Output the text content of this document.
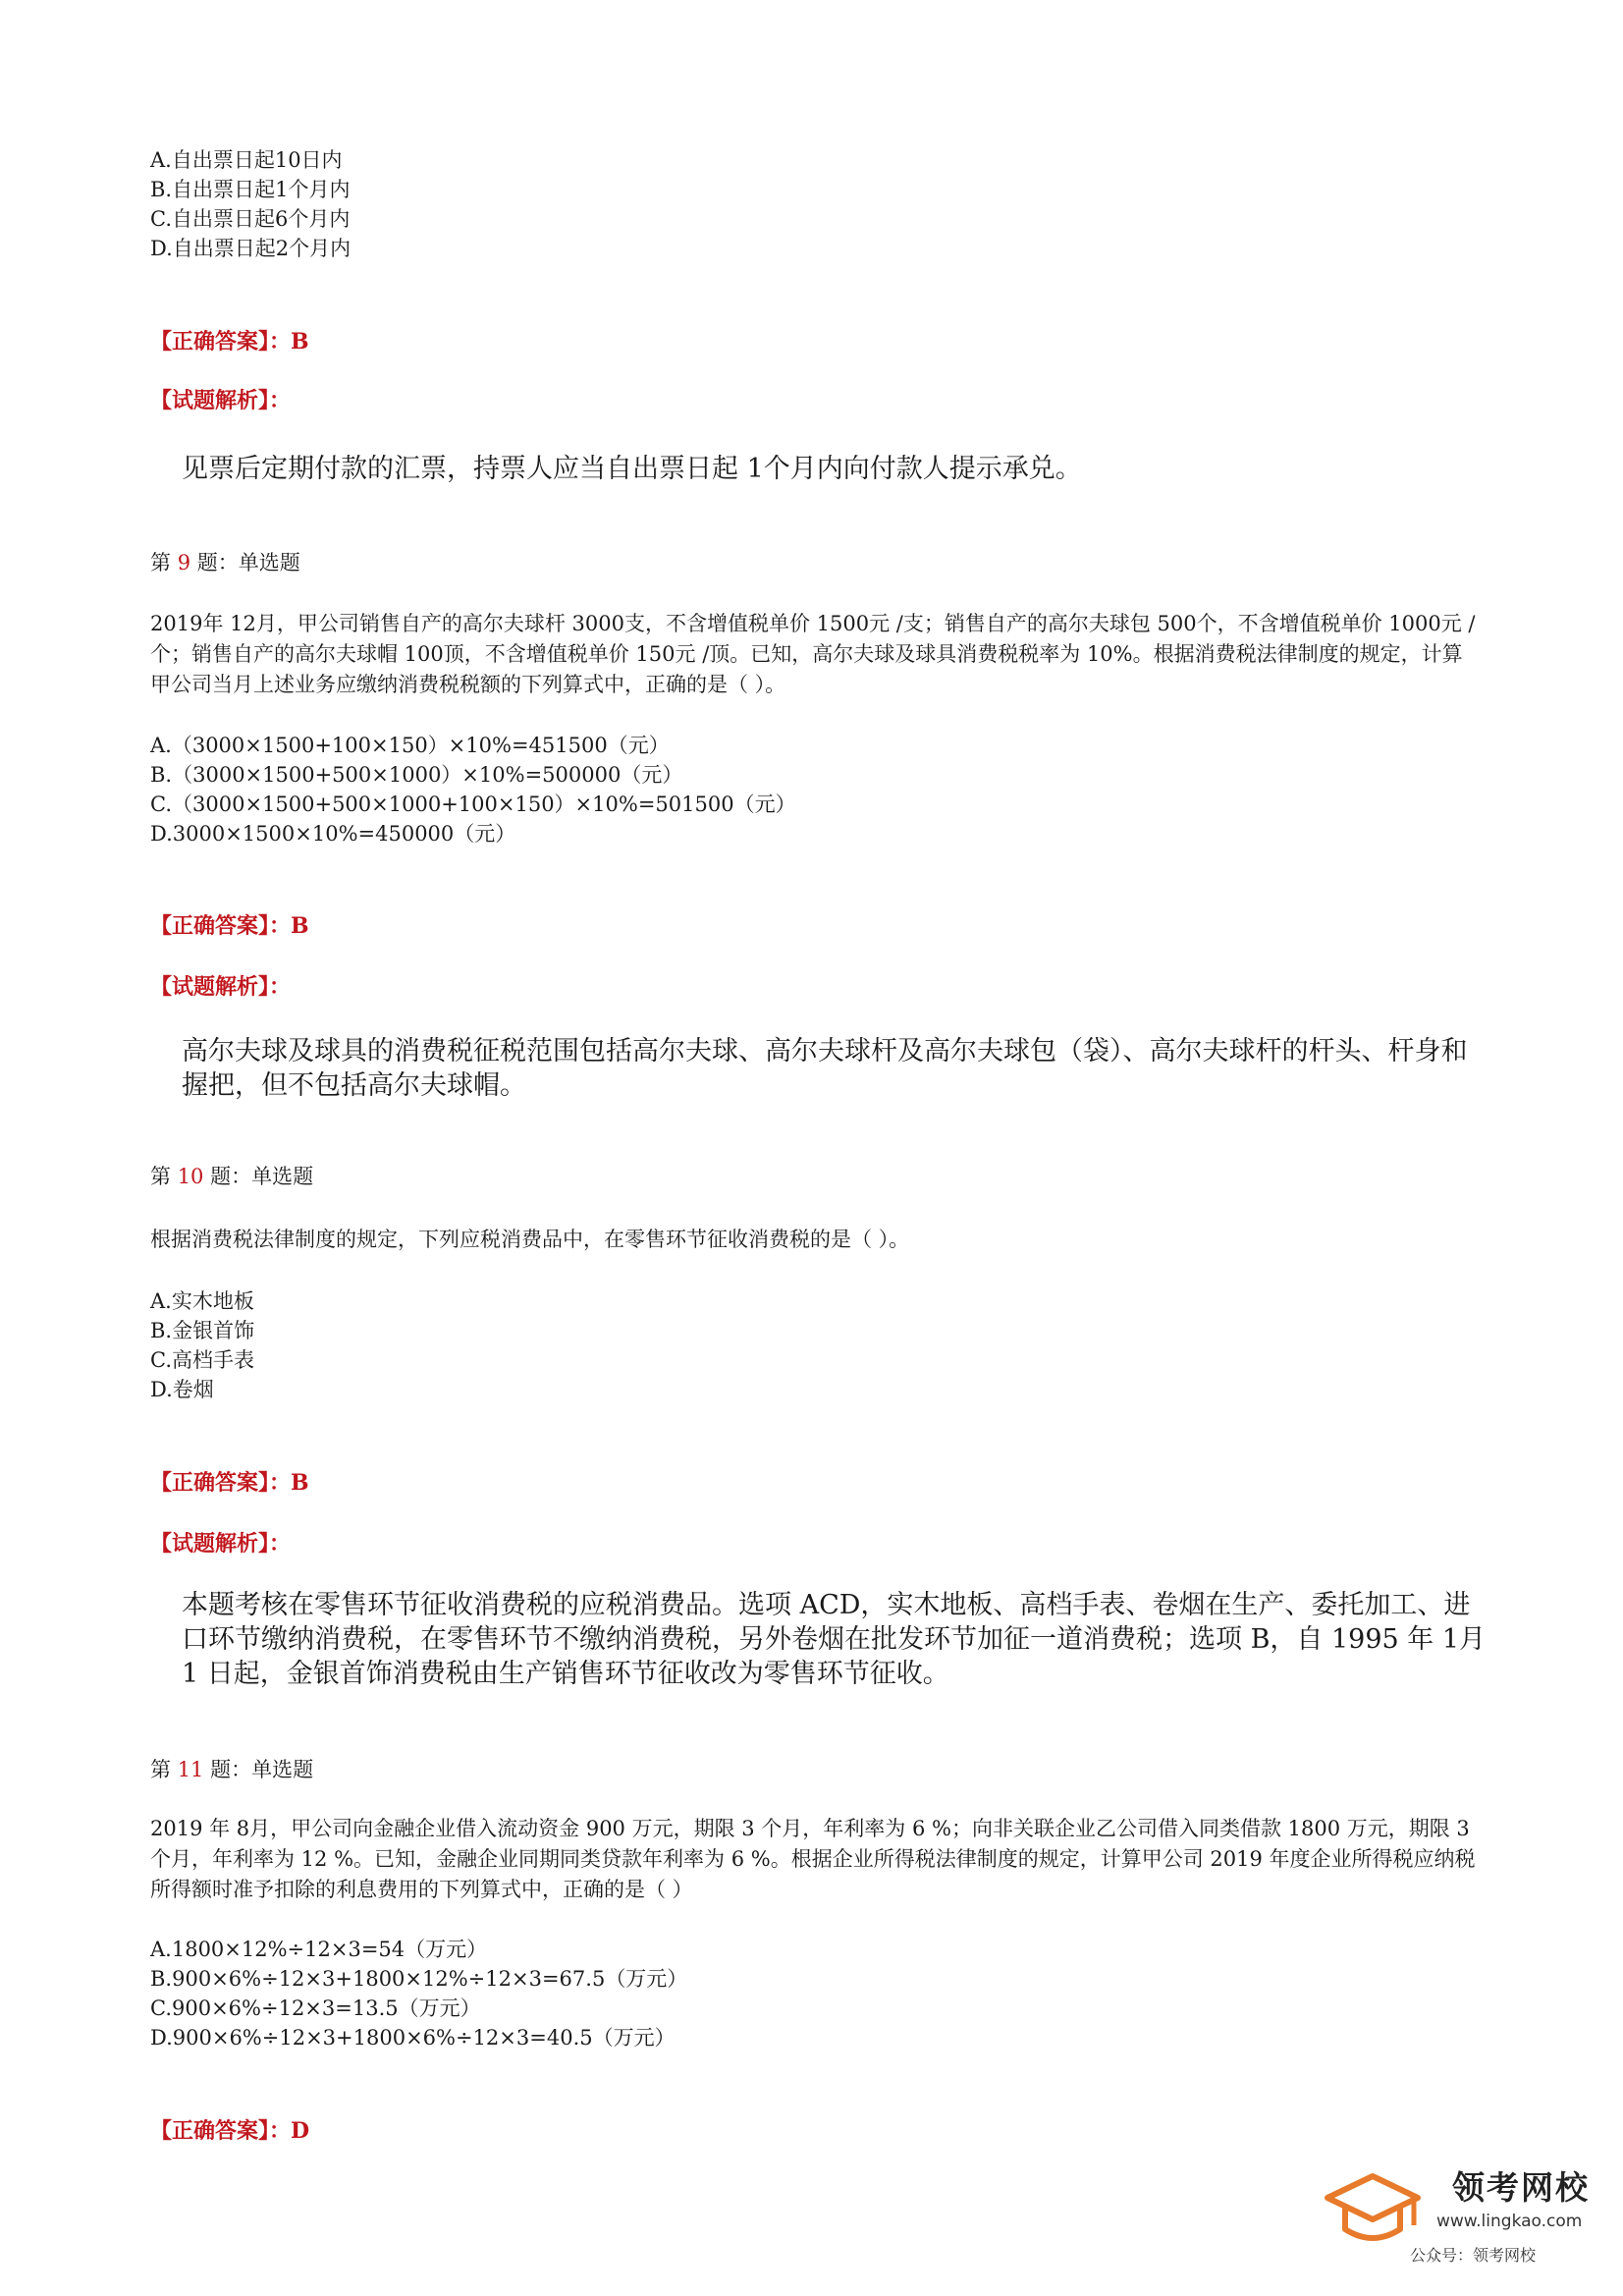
A.自出票日起10日内
B.自出票日起1个月内
C.自出票日起6个月内
D.自出票日起2个月内
【正确答案】：B
【试题解析】：
见票后定期付款的汇票，持票人应当自出票日起 1个月内向付款人提示承兑。
第 9 题：单选题
2019年 12月，甲公司销售自产的高尔夫球杆 3000支，不含增值税单价 1500元 /支；销售自产的高尔夫球包 500个，不含增值税单价 1000元 /个；销售自产的高尔夫球帽 100顶，不含增值税单价 150元 /顶。已知，高尔夫球及球具消费税税率为 10%。根据消费税法律制度的规定，计算甲公司当月上述业务应缴纳消费税税额的下列算式中，正确的是（ ）。
A.（3000×1500+100×150）×10%=451500（元）
B.（3000×1500+500×1000）×10%=500000（元）
C.（3000×1500+500×1000+100×150）×10%=501500（元）
D.3000×1500×10%=450000（元）
【正确答案】：B
【试题解析】：
高尔夫球及球具的消费税征税范围包括高尔夫球、高尔夫球杆及高尔夫球包（袋）、高尔夫球杆的杆头、杆身和握把，但不包括高尔夫球帽。
第 10 题：单选题
根据消费税法律制度的规定，下列应税消费品中，在零售环节征收消费税的是（ ）。
A.实木地板
B.金银首饰
C.高档手表
D.卷烟
【正确答案】：B
【试题解析】：
本题考核在零售环节征收消费税的应税消费品。选项 ACD，实木地板、高档手表、卷烟在生产、委托加工、进口环节缴纳消费税，在零售环节不缴纳消费税，另外卷烟在批发环节加征一道消费税；选项 B，自 1995 年 1月 1 日起，金银首饰消费税由生产销售环节征收改为零售环节征收。
第 11 题：单选题
2019 年 8月，甲公司向金融企业借入流动资金 900 万元，期限 3 个月，年利率为 6 %；向非关联企业乙公司借入同类借款 1800 万元，期限 3 个月，年利率为 12 %。已知，金融企业同期同类贷款年利率为 6 %。根据企业所得税法律制度的规定，计算甲公司 2019 年度企业所得税应纳税所得额时准予扣除的利息费用的下列算式中，正确的是（ ）
A.1800×12%÷12×3=54（万元）
B.900×6%÷12×3+1800×12%÷12×3=67.5（万元）
C.900×6%÷12×3=13.5（万元）
D.900×6%÷12×3+1800×6%÷12×3=40.5（万元）
【正确答案】：D
领考网校
www.lingkao.com
公众号：领考网校
